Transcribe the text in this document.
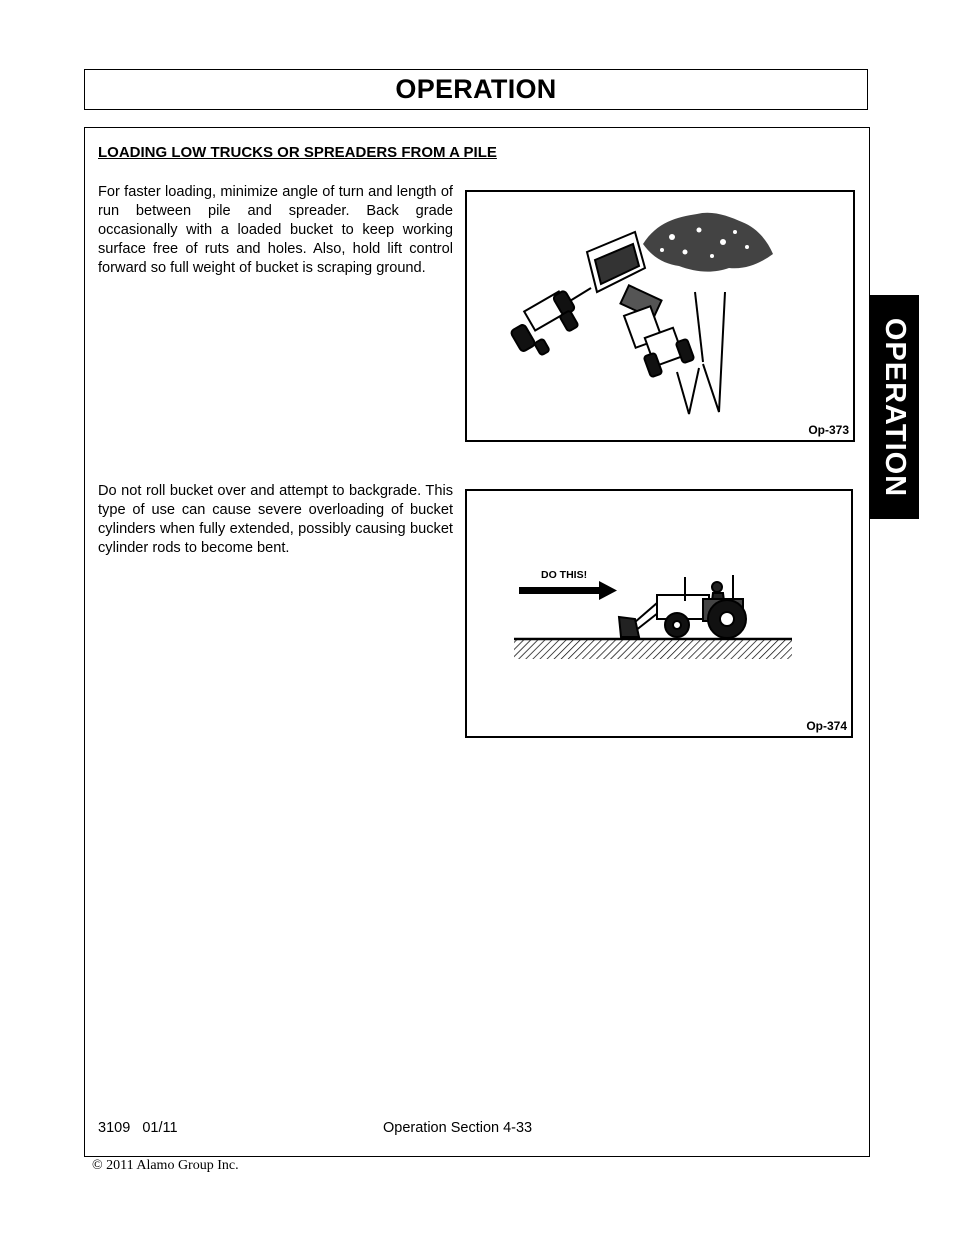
OPERATION
LOADING LOW TRUCKS OR SPREADERS FROM A PILE
For faster loading, minimize angle of turn and length of run between pile and spreader. Back grade occasionally with a loaded bucket to keep working surface free of ruts and holes. Also, hold lift control forward so full weight of bucket is scraping ground.
Do not roll bucket over and attempt to backgrade. This type of use can cause severe overloading of bucket cylinders when fully extended, possibly causing bucket cylinder rods to become bent.
Op-373
DO THIS!
Op-374
OPERATION
3109   01/11	Operation Section 4-33
© 2011 Alamo Group Inc.
